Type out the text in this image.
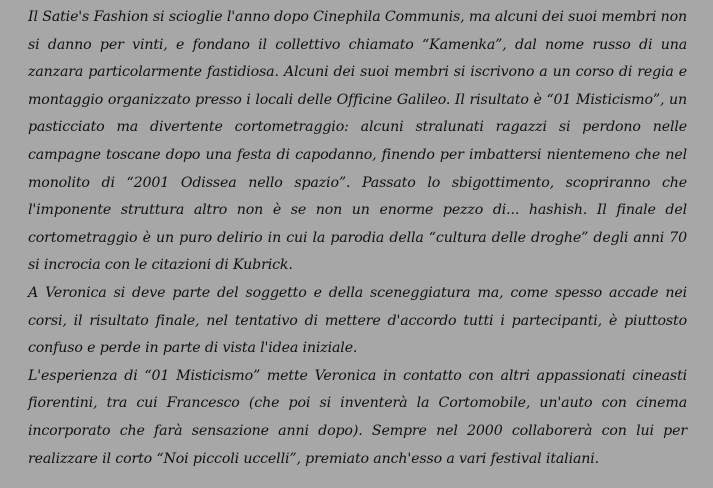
Il Satie's Fashion si scioglie l'anno dopo Cinephila Communis, ma alcuni dei suoi membri non si danno per vinti, e fondano il collettivo chiamato “Kamenka”, dal nome russo di una zanzara particolarmente fastidiosa. Alcuni dei suoi membri si iscrivono a un corso di regia e montaggio organizzato presso i locali delle Officine Galileo. Il risultato è “01 Misticismo”, un pasticciato ma divertente cortometraggio: alcuni stralunati ragazzi si perdono nelle campagne toscane dopo una festa di capodanno, finendo per imbattersi nientemeno che nel monolito di “2001 Odissea nello spazio”. Passato lo sbigottimento, scopriranno che l'imponente struttura altro non è se non un enorme pezzo di... hashish. Il finale del cortometraggio è un puro delirio in cui la parodia della “cultura delle droghe” degli anni 70 si incrocia con le citazioni di Kubrick.

A Veronica si deve parte del soggetto e della sceneggiatura ma, come spesso accade nei corsi, il risultato finale, nel tentativo di mettere d'accordo tutti i partecipanti, è piuttosto confuso e perde in parte di vista l'idea iniziale.

L'esperienza di “01 Misticismo” mette Veronica in contatto con altri appassionati cineasti fiorentini, tra cui Francesco (che poi si inventerà la Cortomobile, un'auto con cinema incorporato che farà sensazione anni dopo). Sempre nel 2000 collaborerà con lui per realizzare il corto “Noi piccoli uccelli”, premiato anch'esso a vari festival italiani.
